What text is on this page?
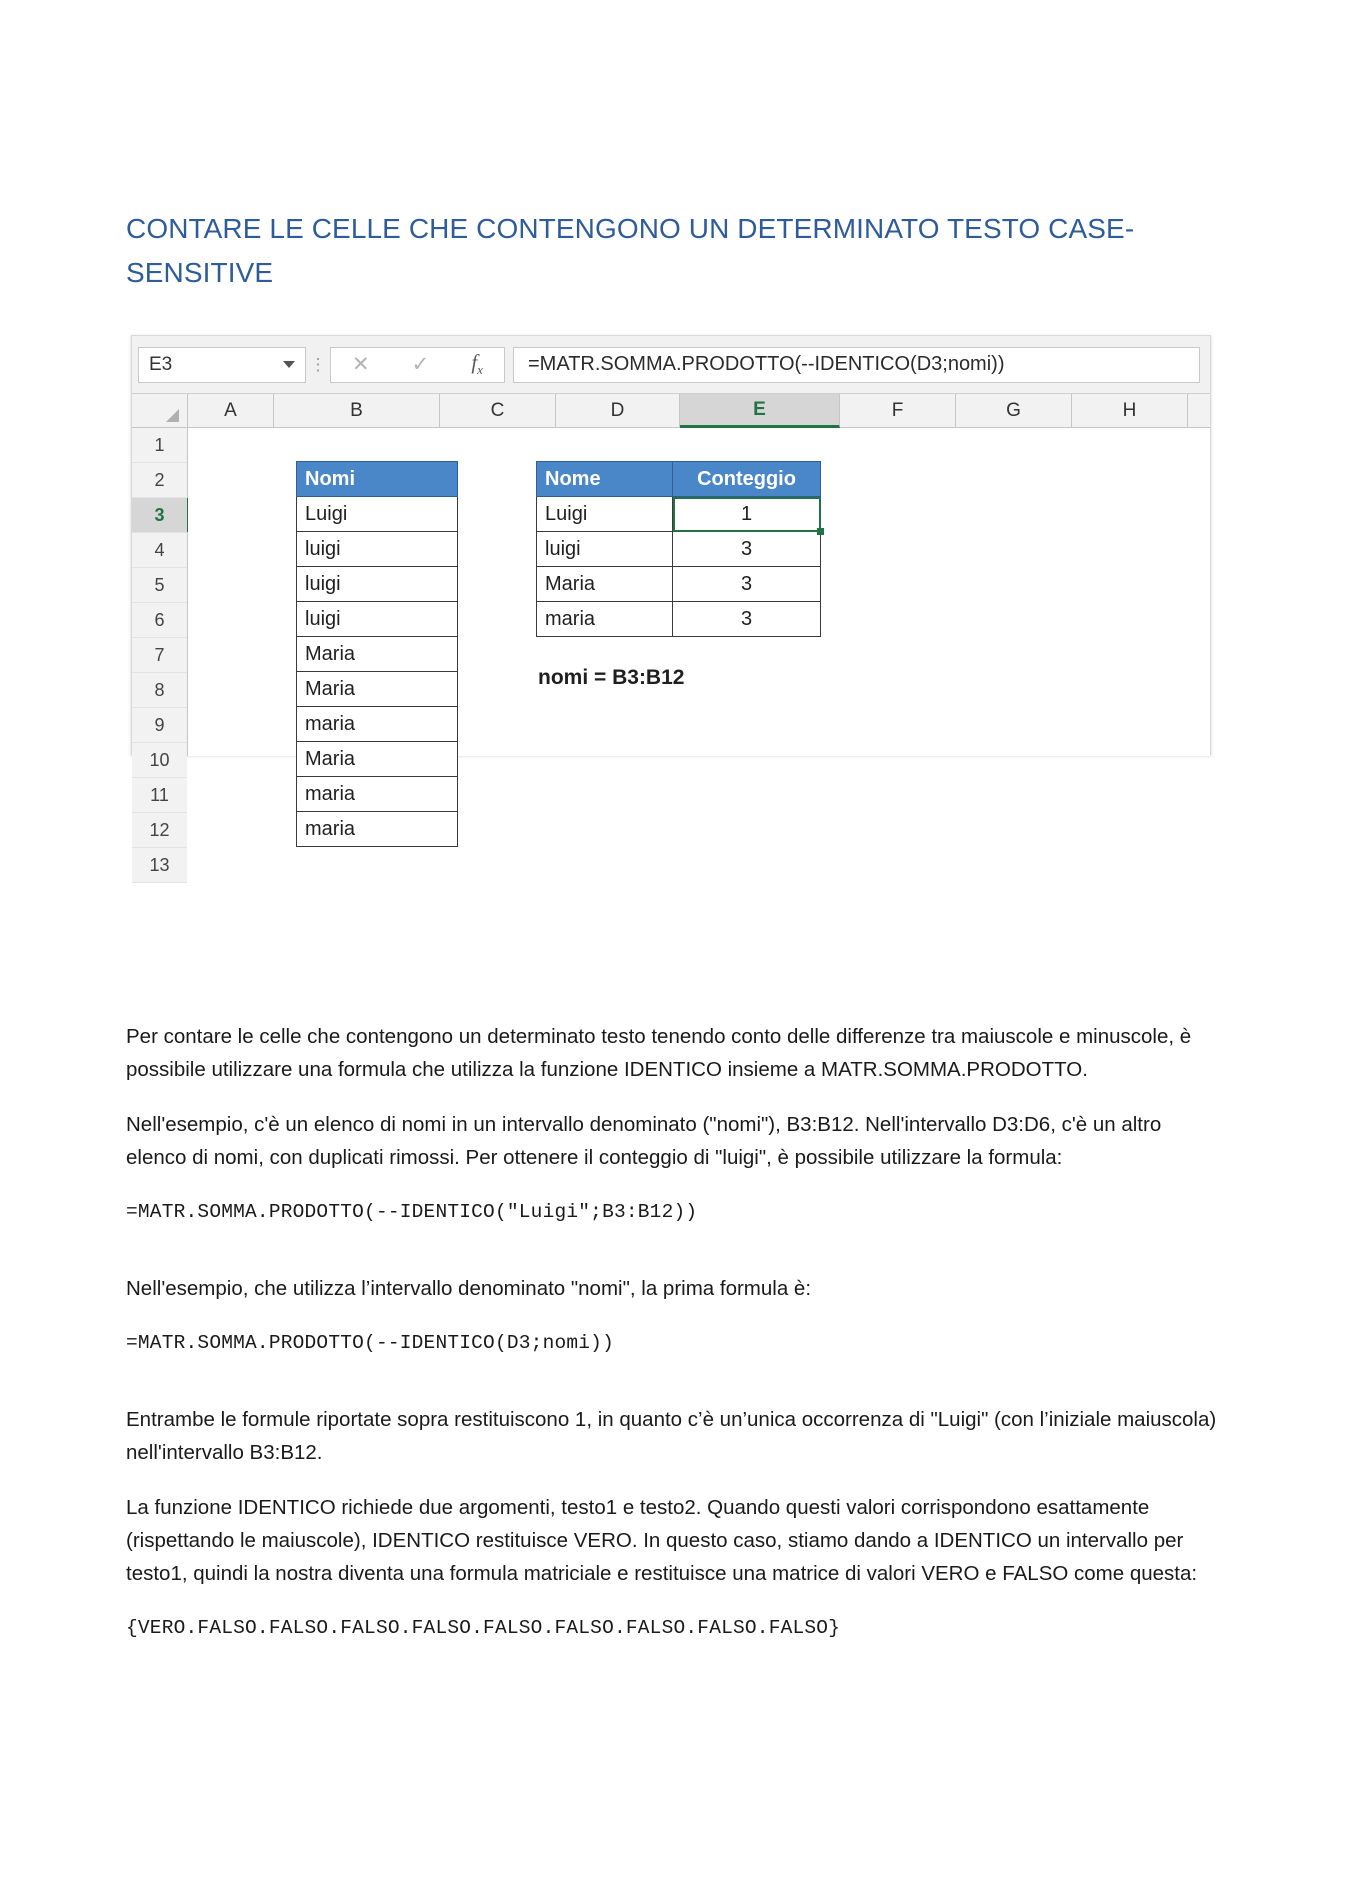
CONTARE LE CELLE CHE CONTENGONO UN DETERMINATO TESTO CASE-SENSITIVE
E3	⋮ ✕ ✓ $f_x$	=MATR.SOMMA.PRODOTTO(--IDENTICO(D3;nomi))
A	B	C	D	E	F	G	H
1
2
3
4
5
6
7
8
9
10
11
12
13
Nomi
Luigi
luigi
luigi
luigi
Maria
Maria
maria
Maria
maria
maria
Nome	Conteggio
Luigi	1

luigi	3
Maria	3
maria	3
nomi = B3:B12

Per contare le celle che contengono un determinato testo tenendo conto delle differenze tra maiuscole e minuscole, è possibile utilizzare una formula che utilizza la funzione IDENTICO insieme a MATR.SOMMA.PRODOTTO.

Nell'esempio, c'è un elenco di nomi in un intervallo denominato ("nomi"), B3:B12. Nell'intervallo D3:D6, c'è un altro elenco di nomi, con duplicati rimossi. Per ottenere il conteggio di "luigi", è possibile utilizzare la formula:

=MATR.SOMMA.PRODOTTO(--IDENTICO("Luigi";B3:B12))

Nell'esempio, che utilizza l’intervallo denominato "nomi", la prima formula è:

=MATR.SOMMA.PRODOTTO(--IDENTICO(D3;nomi))

Entrambe le formule riportate sopra restituiscono 1, in quanto c’è un’unica occorrenza di "Luigi" (con l’iniziale maiuscola) nell'intervallo B3:B12.

La funzione IDENTICO richiede due argomenti, testo1 e testo2. Quando questi valori corrispondono esattamente (rispettando le maiuscole), IDENTICO restituisce VERO. In questo caso, stiamo dando a IDENTICO un intervallo per testo1, quindi la nostra diventa una formula matriciale e restituisce una matrice di valori VERO e FALSO come questa:

{VERO.FALSO.FALSO.FALSO.FALSO.FALSO.FALSO.FALSO.FALSO.FALSO}
